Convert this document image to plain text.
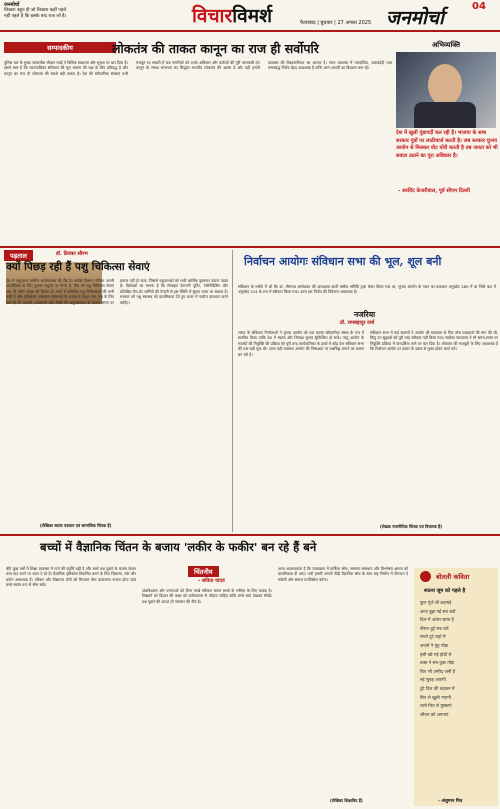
जनमोर्चा
लिखना बहुत ही जो लिखना कहीं पहले
नहीं पहले है कि इसके बाद राज जो है।	विचारविमर्श	फैजाबाद | बुधवार | 27 अगस्त 2025 जनमोर्चा
04
सम्पादकीय	लोकतंत्र की ताकत कानून का राज ही सर्वोपरि
पुलिस बल के मुख्य न्यायाधीश बीआर गवई ने विधिक साक्षरता और सुरक्षा पर बल दिया है। इससे स्पष्ट है कि न्यायपालिका संविधान की मूल भावना की रक्षा के लिए प्रतिबद्ध है और कानून का राज ही लोकतंत्र की सबसे बड़ी ताकत है। देश की संवैधानिक संस्थाएं तभी मजबूत रह सकती हैं जब नागरिकों को उनके अधिकार और कर्तव्यों की पूरी जानकारी हो। कानून के समक्ष समानता का सिद्धांत भारतीय लोकतंत्र की आत्मा है और यही हमारी व्यवस्था की विश्वसनीयता का आधार है। न्याय व्यवस्था में पारदर्शिता, जवाबदेही तथा समयबद्ध निर्णय बेहद आवश्यक हैं ताकि आम आदमी का विश्वास बना रहे।
अभिव्यक्ति
देश में खुली गुंडागर्दी चल रही है। भाजपा के साथ सरकार गुंडों पर लाठीचार्ज करती है। जब सरकार चुनाव आयोग से मिलकर वोट चोरी करती है तब जनता को भी सवाल उठाने का पूरा अधिकार है।
- अरविंद केजरीवाल, पूर्व सीएम दिल्ली
पड़ताल	डॉ. प्रियंका सौरभ
क्यों पिछड़ रही हैं पशु चिकित्सा सेवाएं
देश में पशुपालन ग्रामीण अर्थव्यवस्था की रीढ़ है। करोड़ों किसान परिवार अपनी आजीविका के लिए दुधारू पशुओं पर निर्भर हैं, फिर भी पशु चिकित्सा सेवाएं अब भी गंभीर उपेक्षा की शिकार हैं। गांवों में प्रशिक्षित पशु चिकित्सकों की भारी कमी है और अधिकतर अस्पताल संसाधनों के अभाव में केवल नाम मात्र के लिए चल रहे हैं। दवाओं, उपकरणों और टीकों की अनुपलब्धता के कारण समय पर इलाज नहीं हो पाता, जिससे पशुपालकों को भारी आर्थिक नुकसान उठाना पड़ता है। विशेषज्ञों का मानना है कि मोबाइल वेटरनरी यूनिट, टेलीमेडिसिन और प्रशिक्षित पैरा-वेट कर्मियों की तैनाती से इस स्थिति में सुधार लाया जा सकता है। सरकार को पशु स्वास्थ्य को प्राथमिकता देते हुए बजट में पर्याप्त प्रावधान करने चाहिए।
(लेखिका स्वतंत्र पत्रकार एवं सामाजिक चिंतक हैं)
निर्वाचन आयोगः संविधान सभा की भूल, शूल बनी
संविधान के मसौदे में जो कि डॉ. भीमराव अम्बेडकर की अध्यक्षता वाली मसौदा समिति द्वारा तैयार किया गया था, चुनाव आयोग के गठन का प्रावधान अनुच्छेद 289 में था जिसे बाद में अनुच्छेद 324 के रूप में स्वीकार किया गया। आज इस निर्णय की विवेचना आवश्यक है।
नजरिया
डॉ. रामबहादुर वर्मा
भारत के संविधान निर्माताओं ने चुनाव आयोग को एक स्वतंत्र संवैधानिक संस्था के रूप में स्थापित किया ताकि देश में स्वतंत्र और निष्पक्ष चुनाव सुनिश्चित हो सकें। परंतु आयोग के सदस्यों की नियुक्ति की प्रक्रिया को पूरी तरह कार्यपालिका के हाथों में छोड़ देना संविधान सभा की एक बड़ी चूक थी। आज यही व्यवस्था आयोग की निष्पक्षता पर प्रश्नचिह्न लगाने का कारण बन रही है।
संविधान सभा में कई सदस्यों ने आयोग की स्वतंत्रता के लिए ठोस प्रावधानों की मांग की थी, किंतु उन सुझावों को पूरी तरह स्वीकार नहीं किया गया। सर्वोच्च न्यायालय ने भी समय-समय पर नियुक्ति प्रक्रिया में पारदर्शिता लाने पर बल दिया है। लोकतंत्र की मजबूती के लिए आवश्यक है कि निर्वाचन आयोग हर प्रकार के दबाव से मुक्त होकर कार्य करे।
(लेखक राजनीतिक चिंतक एवं विचारक हैं)
बच्चों में वैज्ञानिक चिंतन के बजाय 'लकीर के फकीर' बन रहे हैं बने
बीते कुछ वर्षों में शिक्षा व्यवस्था में रटने की प्रवृत्ति बढ़ी है और बच्चे प्रश्न पूछने के बजाय केवल तथ्य याद करने पर ध्यान दे रहे हैं। वैज्ञानिक दृष्टिकोण विकसित करने के लिए जिज्ञासा, तर्क और प्रयोग आवश्यक हैं। परिवार और विद्यालय दोनों को मिलकर ऐसा वातावरण बनाना होगा जहां बच्चे स्वतंत्र रूप से सोच सकें।
चिंतनीय
- सविता यादव
अंधविश्वास और परंपराओं को बिना परखे स्वीकार करना बच्चों के भविष्य के लिए घातक है। शिक्षकों को विज्ञान की कक्षा को प्रयोगशाला से जोड़ना चाहिए ताकि बच्चे स्वयं देखकर सीखें। प्रश्न पूछने की आदत ही नवाचार की नींव है।
आज आवश्यकता है कि पाठ्यक्रम में तार्किक सोच, समस्या समाधान और विश्लेषण क्षमता को प्राथमिकता दी जाए। तभी हमारी अगली पीढ़ी वैज्ञानिक सोच के साथ राष्ट्र निर्माण में योगदान दे सकेगी और समाज प्रगतिशील बनेगा।
(लेखिका शिक्षाविद हैं)
बोलती कविता
रूठना जूम को पहले है
फ़ूल गूंजें थी शहनाई
आज बुझ गईं सब बातें
दिल में अंधेरा छाया है
वीरान हुईं सब रातें
सपने टूटे राहों में
अपनों ने मुंह मोड़ा
हंसी खो गई होंठों से
वक्त ने सब कुछ तोड़ा
फिर भी उम्मीद जगी है
नई सुबह आएगी
टूटे दिल की धड़कन में
फिर से खुशी गाएगी
चलो फिर से मुस्काएं
जीवन को अपनाएं
- अंशुमान मित्र
